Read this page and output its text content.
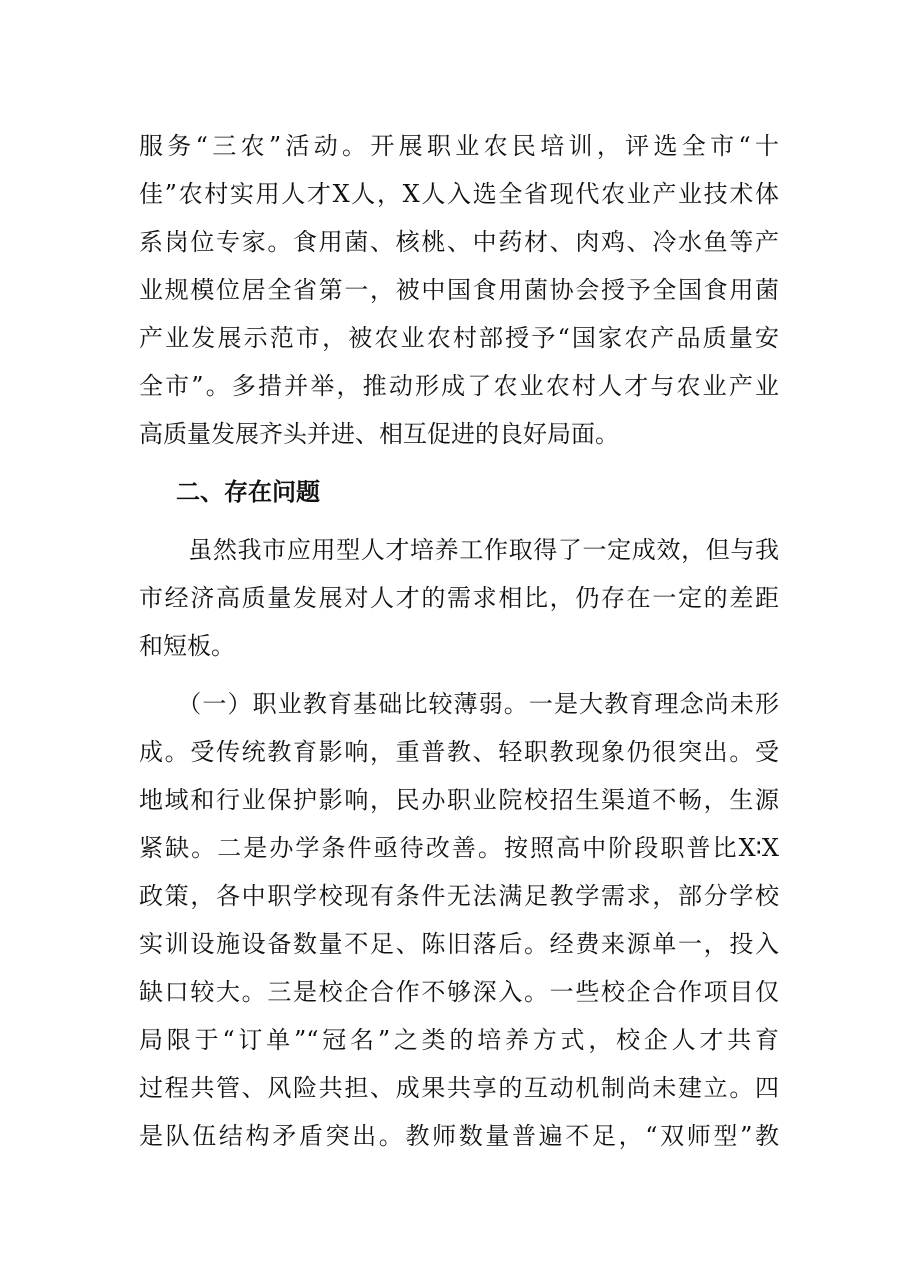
服务“三农”活动。开展职业农民培训，评选全市“十
佳”农村实用人才X人，X人入选全省现代农业产业技术体
系岗位专家。食用菌、核桃、中药材、肉鸡、冷水鱼等产
业规模位居全省第一，被中国食用菌协会授予全国食用菌
产业发展示范市，被农业农村部授予“国家农产品质量安
全市”。多措并举，推动形成了农业农村人才与农业产业
高质量发展齐头并进、相互促进的良好局面。
二、存在问题
　　虽然我市应用型人才培养工作取得了一定成效，但与我
市经济高质量发展对人才的需求相比，仍存在一定的差距
和短板。
　　（一）职业教育基础比较薄弱。一是大教育理念尚未形
成。受传统教育影响，重普教、轻职教现象仍很突出。受
地域和行业保护影响，民办职业院校招生渠道不畅，生源
紧缺。二是办学条件亟待改善。按照高中阶段职普比X∶X
政策，各中职学校现有条件无法满足教学需求，部分学校
实训设施设备数量不足、陈旧落后。经费来源单一，投入
缺口较大。三是校企合作不够深入。一些校企合作项目仅
局限于“订单”“冠名”之类的培养方式，校企人才共育
过程共管、风险共担、成果共享的互动机制尚未建立。四
是队伍结构矛盾突出。教师数量普遍不足，“双师型”教
